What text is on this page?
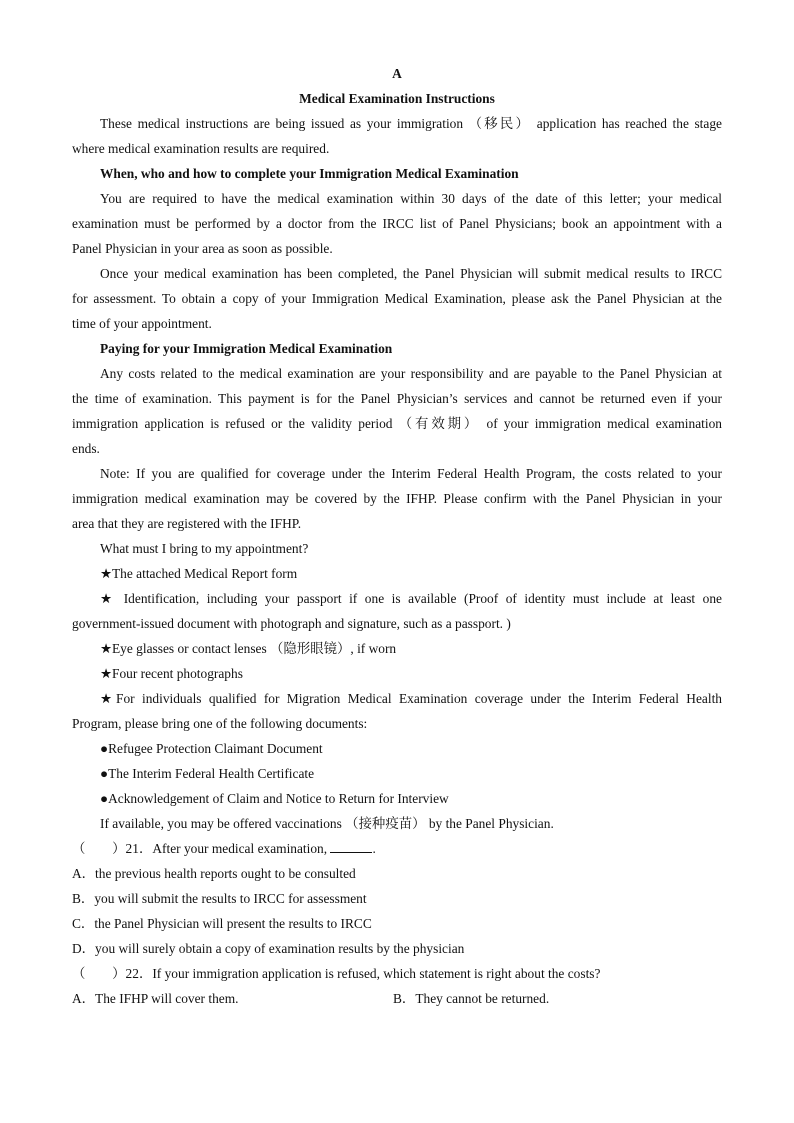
A
Medical Examination Instructions
These medical instructions are being issued as your immigration （移民） application has reached the stage
where medical examination results are required.
When, who and how to complete your Immigration Medical Examination
You are required to have the medical examination within 30 days of the date of this letter; your medical
examination must be performed by a doctor from the IRCC list of Panel Physicians; book an appointment with a
Panel Physician in your area as soon as possible.
Once your medical examination has been completed, the Panel Physician will submit medical results to IRCC
for assessment. To obtain a copy of your Immigration Medical Examination, please ask the Panel Physician at the
time of your appointment.
Paying for your Immigration Medical Examination
Any costs related to the medical examination are your responsibility and are payable to the Panel Physician at
the time of examination. This payment is for the Panel Physician’s services and cannot be returned even if your
immigration application is refused or the validity period （有效期） of your immigration medical examination
ends.
Note: If you are qualified for coverage under the Interim Federal Health Program, the costs related to your
immigration medical examination may be covered by the IFHP. Please confirm with the Panel Physician in your
area that they are registered with the IFHP.
What must I bring to my appointment?
★The attached Medical Report form
★ Identification, including your passport if one is available (Proof of identity must include at least one
government-issued document with photograph and signature, such as a passport. )
★Eye glasses or contact lenses （隐形眼镜）, if worn
★Four recent photographs
★For individuals qualified for Migration Medical Examination coverage under the Interim Federal Health
Program, please bring one of the following documents:
●Refugee Protection Claimant Document
●The Interim Federal Health Certificate
●Acknowledgement of Claim and Notice to Return for Interview
If available, you may be offered vaccinations （接种疫苗） by the Panel Physician.
（　　）21．After your medical examination,	.
A．the previous health reports ought to be consulted
B．you will submit the results to IRCC for assessment
C．the Panel Physician will present the results to IRCC
D．you will surely obtain a copy of examination results by the physician
（　　）22．If your immigration application is refused, which statement is right about the costs?
A．The IFHP will cover them.	B．They cannot be returned.
